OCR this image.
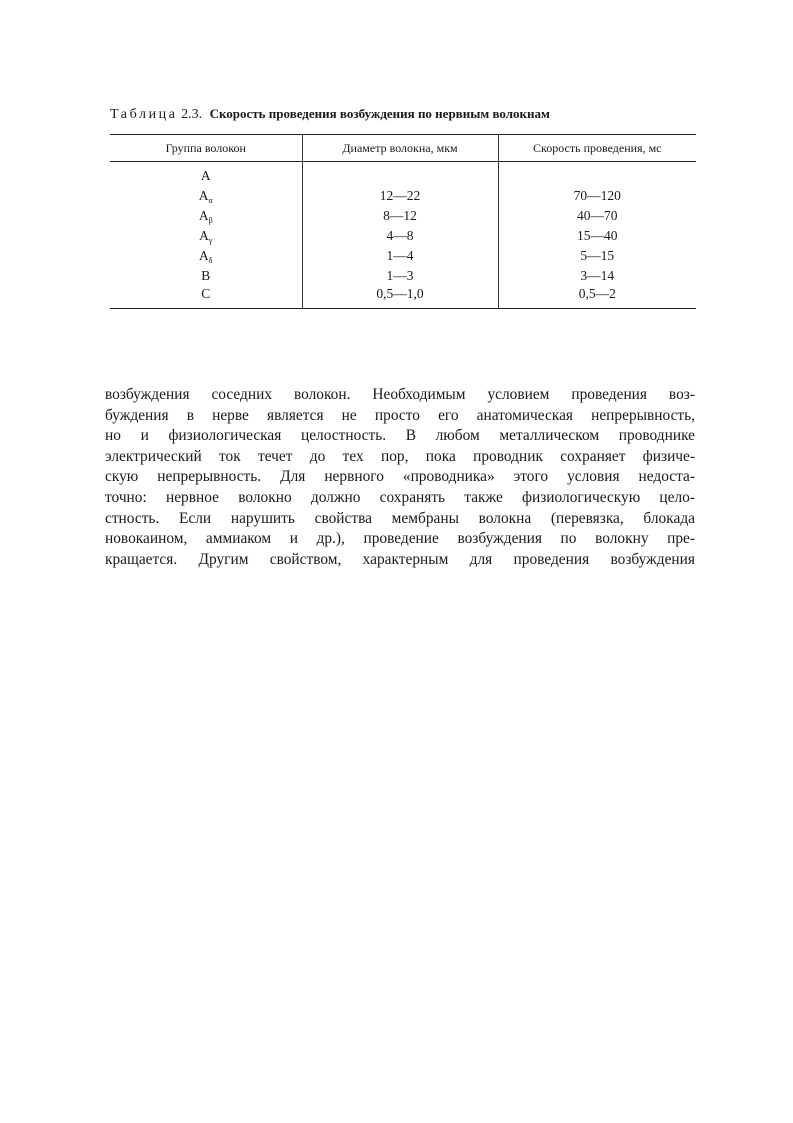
Таблица 2.3. Скорость проведения возбуждения по нервным волокнам
Группа волокон	Диаметр волокна, мкм	Скорость проведения, мс
A		
$A_\alpha$	12—22	70—120
$A_\beta$	8—12	40—70
$A_\gamma$	4—8	15—40
$A_\delta$	1—4	5—15
B	1—3	3—14
C	0,5—1,0	0,5—2
возбуждения соседних волокон. Необходимым условием проведения воз-
буждения в нерве является не просто его анатомическая непрерывность,
но и физиологическая целостность. В любом металлическом проводнике
электрический ток течет до тех пор, пока проводник сохраняет физиче-
скую непрерывность. Для нервного «проводника» этого условия недоста-
точно: нервное волокно должно сохранять также физиологическую цело-
стность. Если нарушить свойства мембраны волокна (перевязка, блокада
новокаином, аммиаком и др.), проведение возбуждения по волокну пре-
кращается. Другим свойством, характерным для проведения возбуждения
